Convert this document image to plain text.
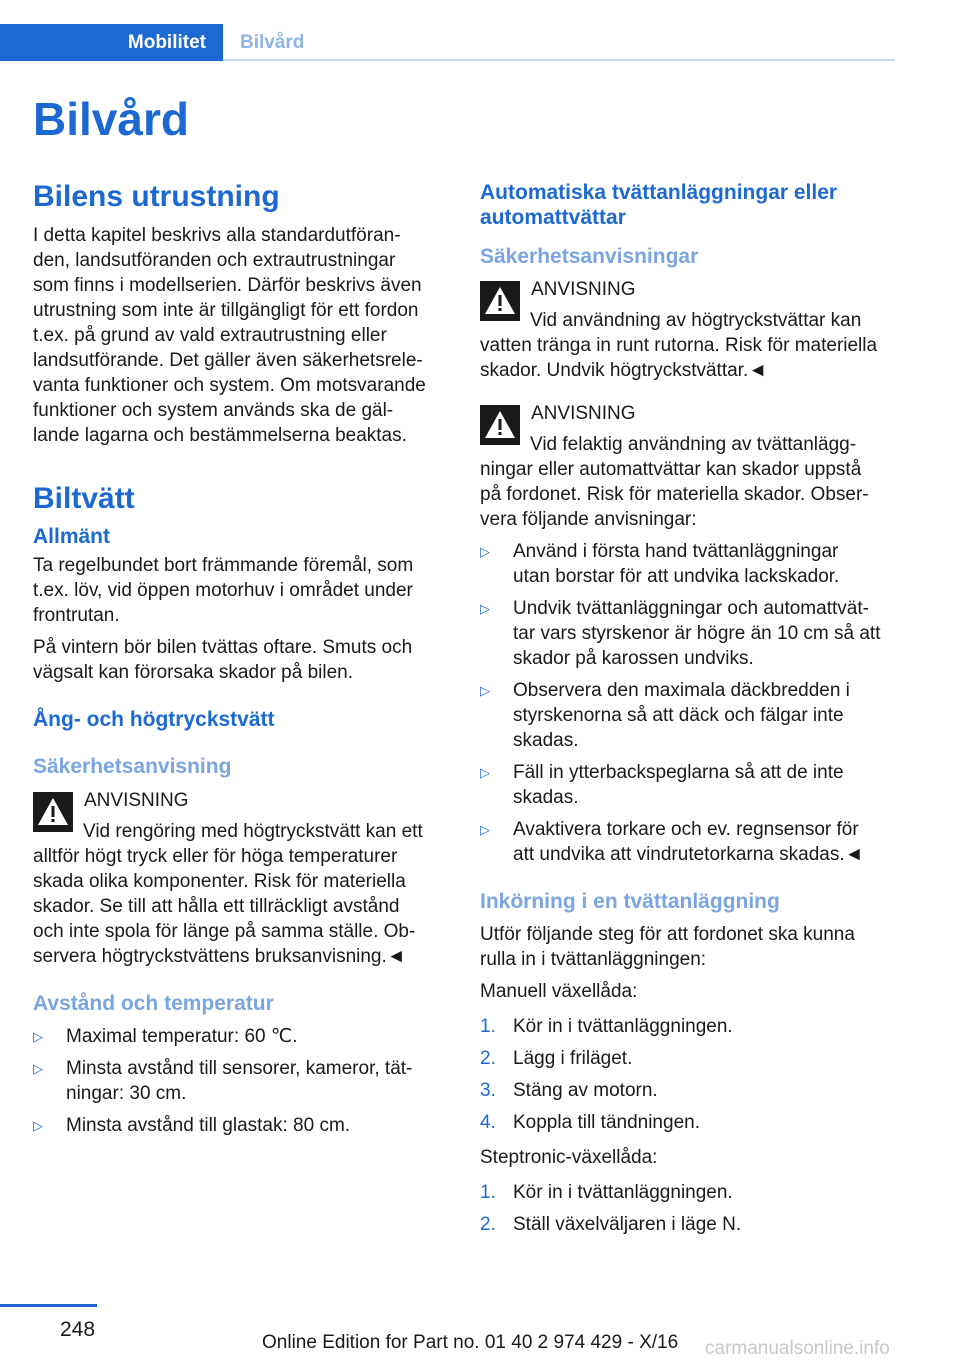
Mobilitet Bilvård
Bilvård
Bilens utrustning

I detta kapitel beskrivs alla standardutföran-
den, landsutföranden och extrautrustningar
som finns i modellserien. Därför beskrivs även
utrustning som inte är tillgängligt för ett fordon
t.ex. på grund av vald extrautrustning eller
landsutförande. Det gäller även säkerhetsrele-
vanta funktioner och system. Om motsvarande
funktioner och system används ska de gäl-
lande lagarna och bestämmelserna beaktas.

Biltvätt
Allmänt

Ta regelbundet bort främmande föremål, som
t.ex. löv, vid öppen motorhuv i området under
frontrutan.

På vintern bör bilen tvättas oftare. Smuts och
vägsalt kan förorsaka skador på bilen.

Ång- och högtryckstvätt
Säkerhetsanvisning
ANVISNING
Vid rengöring med högtryckstvätt kan ett
alltför högt tryck eller för höga temperaturer
skada olika komponenter. Risk för materiella
skador. Se till att hålla ett tillräckligt avstånd
och inte spola för länge på samma ställe. Ob-
servera högtryckstvättens bruksanvisning.◄
Avstånd och temperatur
▷ Maximal temperatur: 60 ℃.
▷ Minsta avstånd till sensorer, kameror, tät-
ningar: 30 cm.
▷ Minsta avstånd till glastak: 80 cm.
Automatiska tvättanläggningar eller
automattvättar
Säkerhetsanvisningar
ANVISNING
Vid användning av högtryckstvättar kan
vatten tränga in runt rutorna. Risk för materiella
skador. Undvik högtryckstvättar.◄
ANVISNING
Vid felaktig användning av tvättanlägg-
ningar eller automattvättar kan skador uppstå
på fordonet. Risk för materiella skador. Obser-
vera följande anvisningar:
▷ Använd i första hand tvättanläggningar
utan borstar för att undvika lackskador.
▷ Undvik tvättanläggningar och automattvät-
tar vars styrskenor är högre än 10 cm så att
skador på karossen undviks.
▷ Observera den maximala däckbredden i
styrskenorna så att däck och fälgar inte
skadas.
▷ Fäll in ytterbackspeglarna så att de inte
skadas.
▷ Avaktivera torkare och ev. regnsensor för
att undvika att vindrutetorkarna skadas.◄
Inkörning i en tvättanläggning

Utför följande steg för att fordonet ska kunna
rulla in i tvättanläggningen:

Manuell växellåda:

1. Kör in i tvättanläggningen.
2. Lägg i friläget.
3. Stäng av motorn.
4. Koppla till tändningen.

Steptronic-växellåda:

1. Kör in i tvättanläggningen.
2. Ställ växelväljaren i läge N.
248
Online Edition for Part no. 01 40 2 974 429 - X/16 carmanualsonline.info
